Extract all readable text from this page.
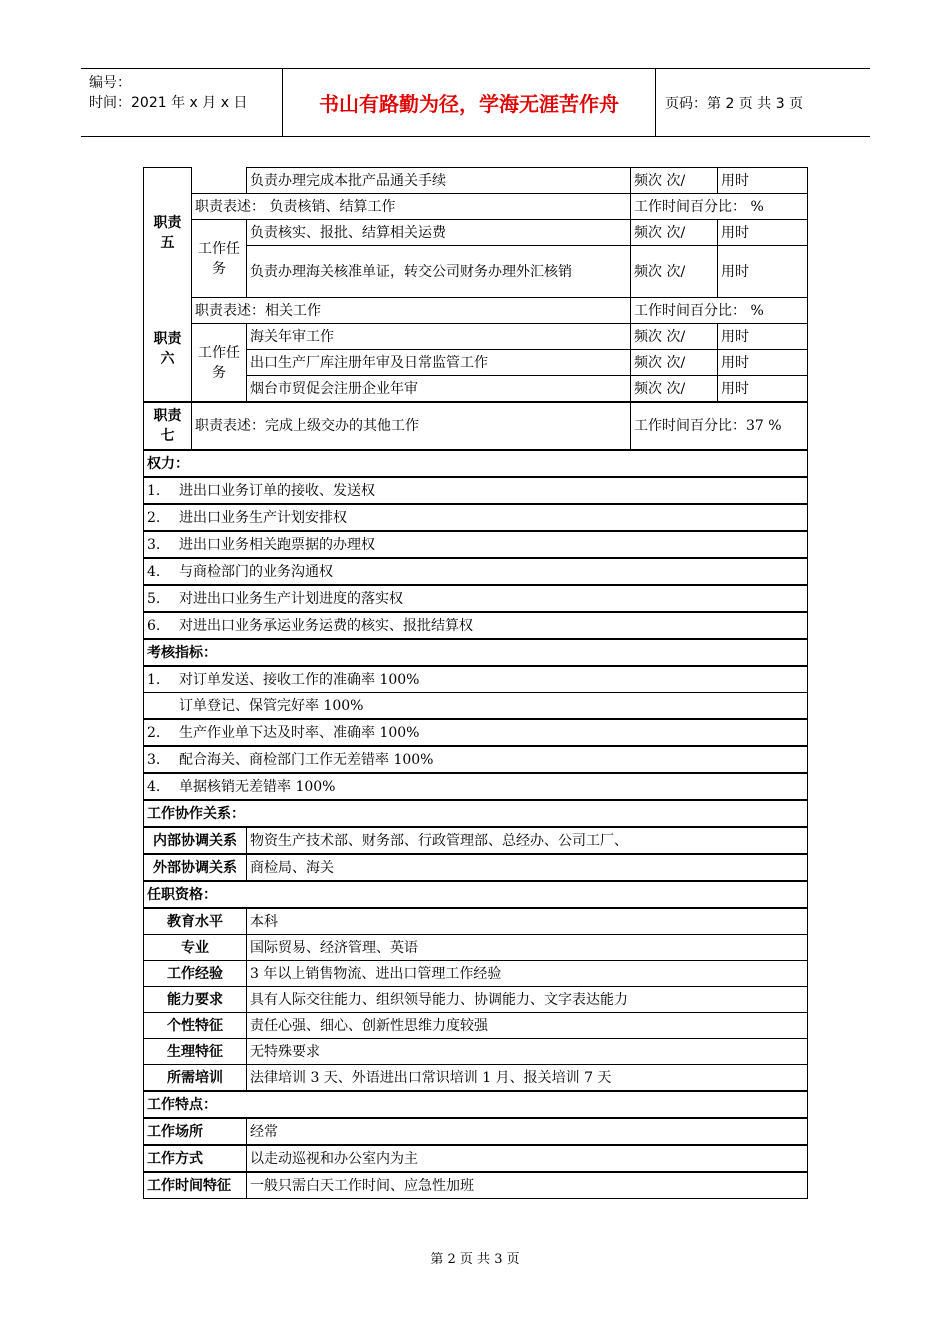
编号：
时间：2021 年 x 月 x 日	书山有路勤为径，学海无涯苦作舟	页码：第 2 页 共 3 页
职责五		负责办理完成本批产品通关手续	频次 次/	用时
	职责表述： 负责核销、结算工作		工作时间百分比： %	
	工作任务	负责核实、报批、结算相关运费	频次 次/	用时
		负责办理海关核准单证，转交公司财务办理外汇核销	频次 次/	用时
职责六	职责表述：相关工作		工作时间百分比： %	
	工作任务	海关年审工作	频次 次/	用时
		出口生产厂库注册年审及日常监管工作	频次 次/	用时
		烟台市贸促会注册企业年审	频次 次/	用时
职责七	职责表述：完成上级交办的其他工作		工作时间百分比：37 %	
权力：				
1. 进出口业务订单的接收、发送权				
2. 进出口业务生产计划安排权				
3. 进出口业务相关跑票据的办理权				
4. 与商检部门的业务沟通权				
5. 对进出口业务生产计划进度的落实权				
6. 对进出口业务承运业务运费的核实、报批结算权				
考核指标：				
1. 对订单发送、接收工作的准确率 100%				
订单登记、保管完好率 100%				
2. 生产作业单下达及时率、准确率 100%				
3. 配合海关、商检部门工作无差错率 100%				
4. 单据核销无差错率 100%				
工作协作关系：				
内部协调关系		物资生产技术部、财务部、行政管理部、总经办、公司工厂、		
外部协调关系		商检局、海关		
任职资格：				
教育水平		本科		
专业		国际贸易、经济管理、英语		
工作经验		3 年以上销售物流、进出口管理工作经验		
能力要求		具有人际交往能力、组织领导能力、协调能力、文字表达能力		
个性特征		责任心强、细心、创新性思维力度较强		
生理特征		无特殊要求		
所需培训		法律培训 3 天、外语进出口常识培训 1 月、报关培训 7 天		
工作特点：				
工作场所		经常		
工作方式		以走动巡视和办公室内为主		
工作时间特征		一般只需白天工作时间、应急性加班		
第 2 页 共 3 页
